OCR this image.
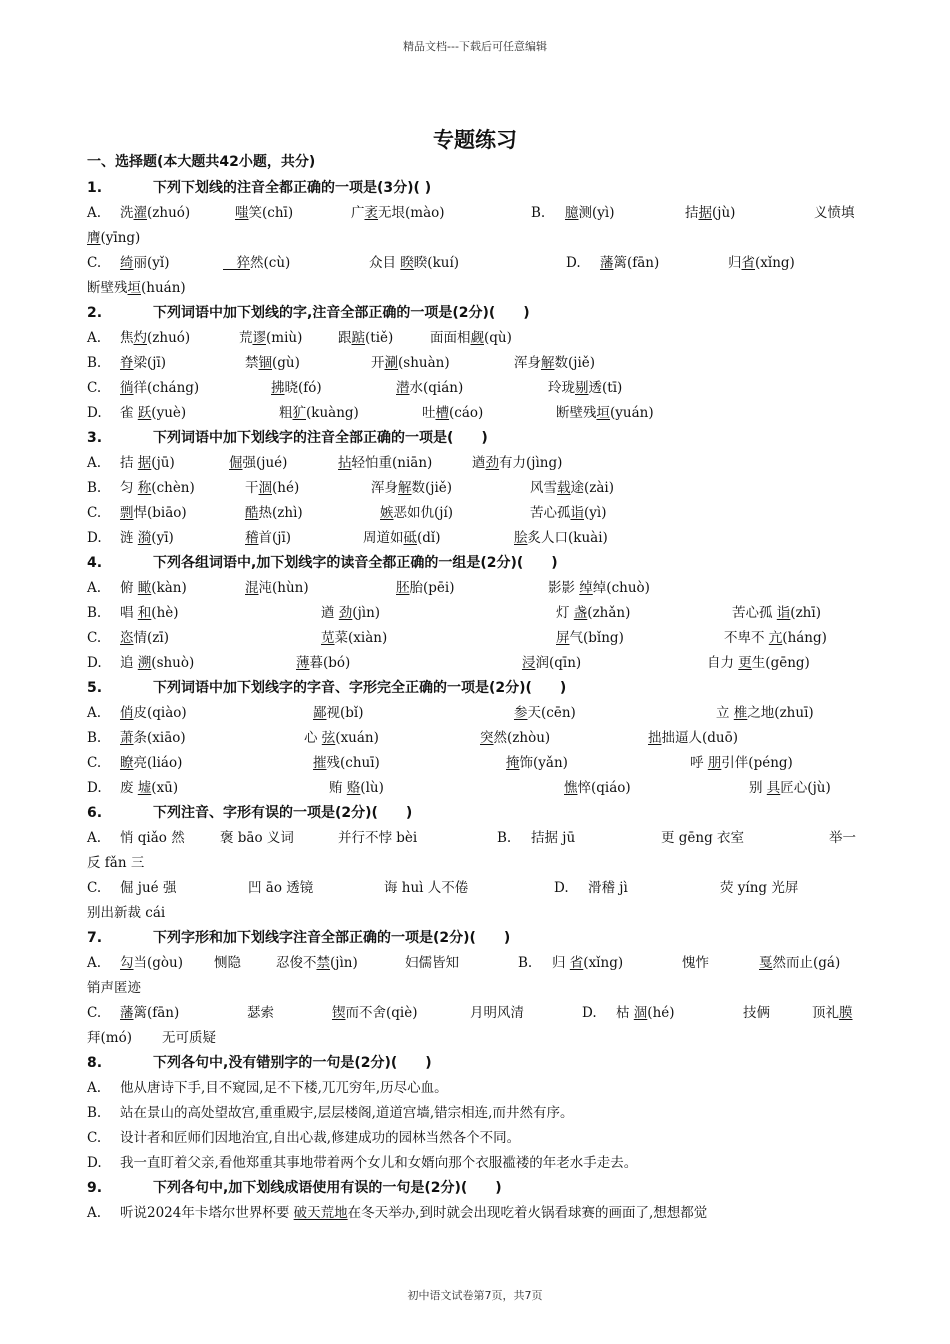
精品文档---下载后可任意编辑
专题练习
一、选择题(本大题共42小题，共分)
1.	下列下划线的注音全都正确的一项是(3分)( )
A. 洗濯(zhuó)	嗤笑(chī)	广袤无垠(mào)	B. 臆测(yì)	拮据(jù)	义愤填
膺(yīng)
C. 绮丽(yǐ)	　猝然(cù)	众目 睽睽(kuí)	D. 藩篱(fān)	归省(xǐng)
断壁残垣(huán)
2.	下列词语中加下划线的字,注音全部正确的一项是(2分)(　　)
A. 焦灼(zhuó)	荒谬(miù)	跟踮(tiě)	面面相觑(qù)
B. 脊梁(jī)	禁锢(gù)	开涮(shuàn)	浑身解数(jiě)
C. 徜徉(cháng)	拂晓(fó)	潜水(qián)	玲珑剔透(tī)
D. 雀 跃(yuè)	粗犷(kuàng)	吐槽(cáo)	断壁残垣(yuán)
3.	下列词语中加下划线字的注音全部正确的一项是(　　)
A. 拮 据(jū)	倔强(jué)	拈轻怕重(niān)	遒劲有力(jìng)
B. 匀 称(chèn)	干涸(hé)	浑身解数(jiě)	风雪载途(zài)
C. 剽悍(biāo)	酷热(zhì)	嫉恶如仇(jí)	苦心孤诣(yì)
D. 涟 漪(yī)	稽首(jī)	周道如砥(dǐ)	脍炙人口(kuài)
4.	下列各组词语中,加下划线字的读音全都正确的一组是(2分)(　　)
A. 俯 瞰(kàn)	混沌(hùn)	胚胎(pēi)	影影 绰绰(chuò)
B. 唱 和(hè)	遒 劲(jìn)	灯 盏(zhǎn)	苦心孤 诣(zhī)
C. 恣情(zī)	苋菜(xiàn)	屏气(bǐng)	不卑不 亢(háng)
D. 追 溯(shuò)	薄暮(bó)	浸润(qīn)	自力 更生(gēng)
5.	下列词语中加下划线字的字音、字形完全正确的一项是(2分)(　　)
A. 俏皮(qiào)	鄙视(bǐ)	参天(cēn)	立 椎之地(zhuī)
B. 萧条(xiāo)	心 弦(xuán)	突然(zhòu)	拙拙逼人(duō)
C. 瞭亮(liáo)	摧残(chuī)	掩饰(yǎn)	呼 朋引伴(péng)
D. 废 墟(xū)	贿 赂(lù)	憔悴(qiáo)	别 具匠心(jù)
6.	下列注音、字形有误的一项是(2分)(　　)
A. 悄 qiǎo 然	褒 bāo 义词	并行不悖 bèi	B. 拮据 jū	更 gēng 衣室	举一
反 fǎn 三
C. 倔 jué 强	凹 āo 透镜	诲 huì 人不倦	D. 滑稽 jì	荧 yíng 光屏
别出新裁 cái
7.	下列字形和加下划线字注音全部正确的一项是(2分)(　　)
A. 勾当(gòu) 恻隐	忍俊不禁(jìn)	妇儒皆知	B. 归 省(xǐng)	愧怍	戛然而止(gá)
销声匿迹
C. 藩篱(fān)	瑟索	锲而不舍(qiè)	月明风清	D. 枯 涸(hé)	技俩	顶礼膜
拜(mó) 无可质疑
8.	下列各句中,没有错别字的一句是(2分)(　　)
A. 他从唐诗下手,目不窥园,足不下楼,兀兀穷年,历尽心血。
B. 站在景山的高处望故宫,重重殿宇,层层楼阁,道道宫墙,错宗相连,而井然有序。
C. 设计者和匠师们因地治宜,自出心裁,修建成功的园林当然各个不同。
D. 我一直盯着父亲,看他郑重其事地带着两个女儿和女婿向那个衣服褴褛的年老水手走去。
9.	下列各句中,加下划线成语使用有误的一句是(2分)(　　)
A. 听说2024年卡塔尔世界杯要 破天荒地在冬天举办,到时就会出现吃着火锅看球赛的画面了,想想都觉
初中语文试卷第7页，共7页
